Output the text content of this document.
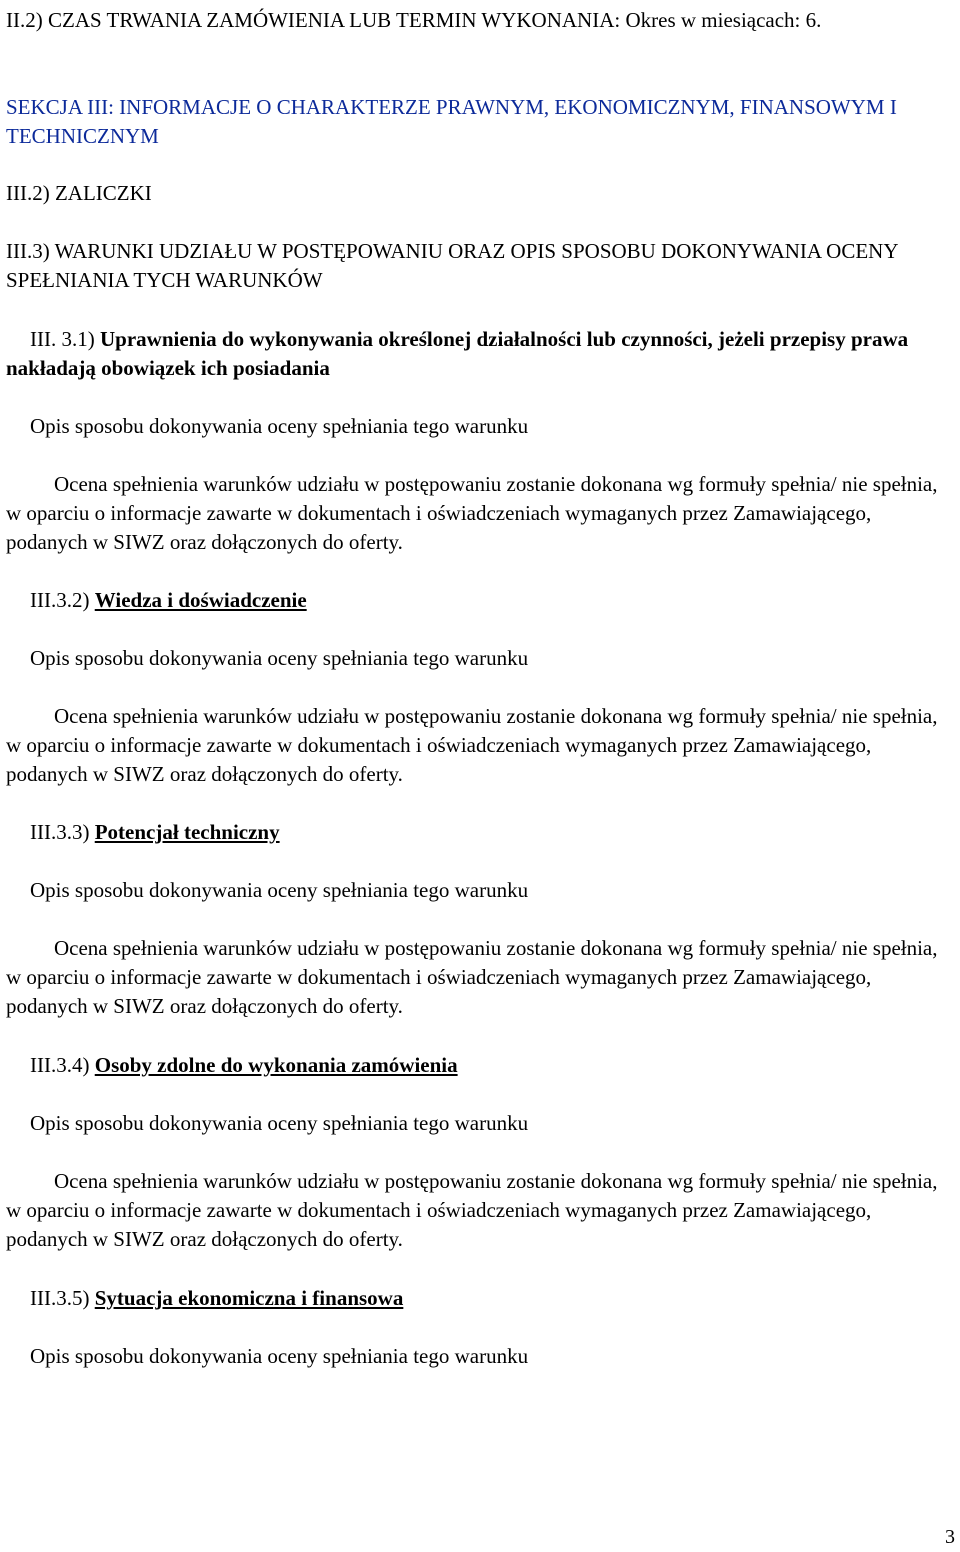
II.2) CZAS TRWANIA ZAMÓWIENIA LUB TERMIN WYKONANIA: Okres w miesiącach: 6.

SEKCJA III: INFORMACJE O CHARAKTERZE PRAWNYM, EKONOMICZNYM, FINANSOWYM I TECHNICZNYM

III.2) ZALICZKI

III.3) WARUNKI UDZIAŁU W POSTĘPOWANIU ORAZ OPIS SPOSOBU DOKONYWANIA OCENY SPEŁNIANIA TYCH WARUNKÓW

III. 3.1) Uprawnienia do wykonywania określonej działalności lub czynności, jeżeli przepisy prawa nakładają obowiązek ich posiadania

Opis sposobu dokonywania oceny spełniania tego warunku

Ocena spełnienia warunków udziału w postępowaniu zostanie dokonana wg formuły spełnia/ nie spełnia, w oparciu o informacje zawarte w dokumentach i oświadczeniach wymaganych przez Zamawiającego, podanych w SIWZ oraz dołączonych do oferty.

III.3.2) Wiedza i doświadczenie

Opis sposobu dokonywania oceny spełniania tego warunku

Ocena spełnienia warunków udziału w postępowaniu zostanie dokonana wg formuły spełnia/ nie spełnia, w oparciu o informacje zawarte w dokumentach i oświadczeniach wymaganych przez Zamawiającego, podanych w SIWZ oraz dołączonych do oferty.

III.3.3) Potencjał techniczny

Opis sposobu dokonywania oceny spełniania tego warunku

Ocena spełnienia warunków udziału w postępowaniu zostanie dokonana wg formuły spełnia/ nie spełnia, w oparciu o informacje zawarte w dokumentach i oświadczeniach wymaganych przez Zamawiającego, podanych w SIWZ oraz dołączonych do oferty.

III.3.4) Osoby zdolne do wykonania zamówienia

Opis sposobu dokonywania oceny spełniania tego warunku

Ocena spełnienia warunków udziału w postępowaniu zostanie dokonana wg formuły spełnia/ nie spełnia, w oparciu o informacje zawarte w dokumentach i oświadczeniach wymaganych przez Zamawiającego, podanych w SIWZ oraz dołączonych do oferty.

III.3.5) Sytuacja ekonomiczna i finansowa

Opis sposobu dokonywania oceny spełniania tego warunku

3
